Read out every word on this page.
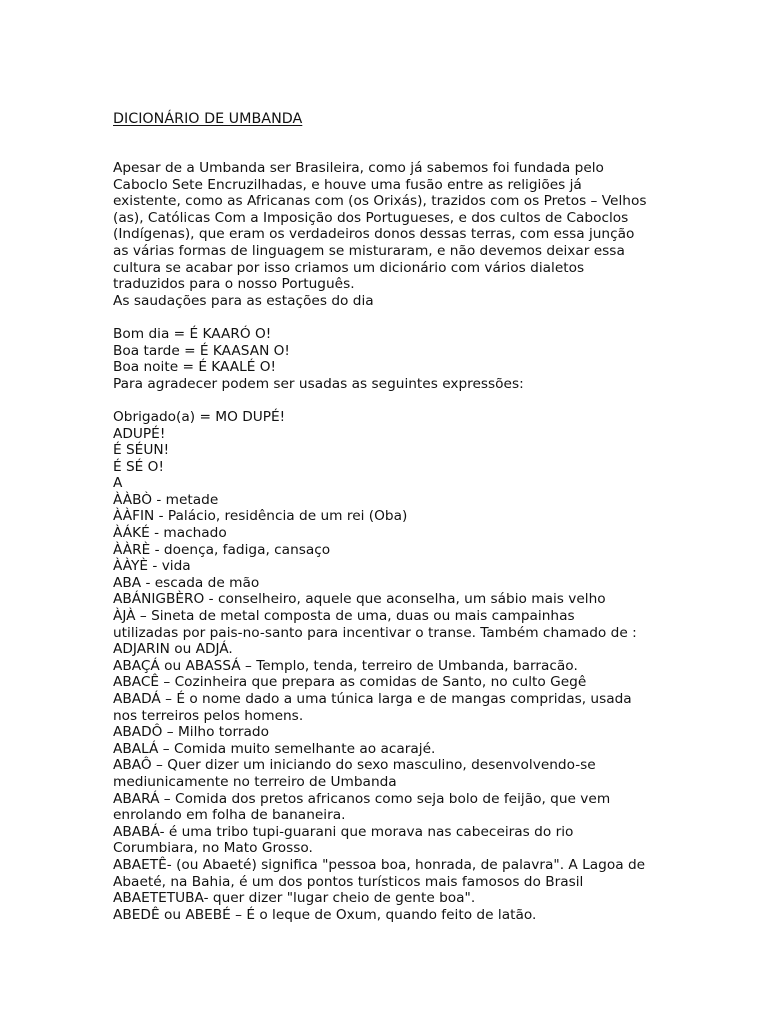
DICIONÁRIO DE UMBANDA
Apesar de a Umbanda ser Brasileira, como já sabemos foi fundada pelo
Caboclo Sete Encruzilhadas, e houve uma fusão entre as religiões já
existente, como as Africanas com (os Orixás), trazidos com os Pretos – Velhos
(as), Católicas Com a Imposição dos Portugueses, e dos cultos de Caboclos
(Indígenas), que eram os verdadeiros donos dessas terras, com essa junção
as várias formas de linguagem se misturaram, e não devemos deixar essa
cultura se acabar por isso criamos um dicionário com vários dialetos
traduzidos para o nosso Português.
As saudações para as estações do dia
Bom dia = É KAARÓ O!
Boa tarde = É KAASAN O!
Boa noite = É KAALÉ O!
Para agradecer podem ser usadas as seguintes expressões:
Obrigado(a) = MO DUPÉ!
ADUPÉ!
É SÉUN!
É SÉ O!
A
ÀÀBÒ - metade
ÀÀFIN - Palácio, residência de um rei (Oba)
ÀÁKÉ - machado
ÀÀRÈ - doença, fadiga, cansaço
ÀÀYÈ - vida
ABA - escada de mão
ABÁNIGBÈRO - conselheiro, aquele que aconselha, um sábio mais velho
ÀJÀ – Sineta de metal composta de uma, duas ou mais campainhas
utilizadas por pais-no-santo para incentivar o transe. Também chamado de :
ADJARIN ou ADJÁ.
ABAÇÁ ou ABASSÁ – Templo, tenda, terreiro de Umbanda, barracão.
ABACÊ – Cozinheira que prepara as comidas de Santo, no culto Gegê
ABADÁ – É o nome dado a uma túnica larga e de mangas compridas, usada
nos terreiros pelos homens.
ABADÔ – Milho torrado
ABALÁ – Comida muito semelhante ao acarajé.
ABAÔ – Quer dizer um iniciando do sexo masculino, desenvolvendo-se
mediunicamente no terreiro de Umbanda
ABARÁ – Comida dos pretos africanos como seja bolo de feijão, que vem
enrolando em folha de bananeira.
ABABÁ- é uma tribo tupi-guarani que morava nas cabeceiras do rio
Corumbiara, no Mato Grosso.
ABAETÊ- (ou Abaeté) significa "pessoa boa, honrada, de palavra". A Lagoa de
Abaeté, na Bahia, é um dos pontos turísticos mais famosos do Brasil
ABAETETUBA- quer dizer "lugar cheio de gente boa".
ABEDÊ ou ABEBÉ – É o leque de Oxum, quando feito de latão.
